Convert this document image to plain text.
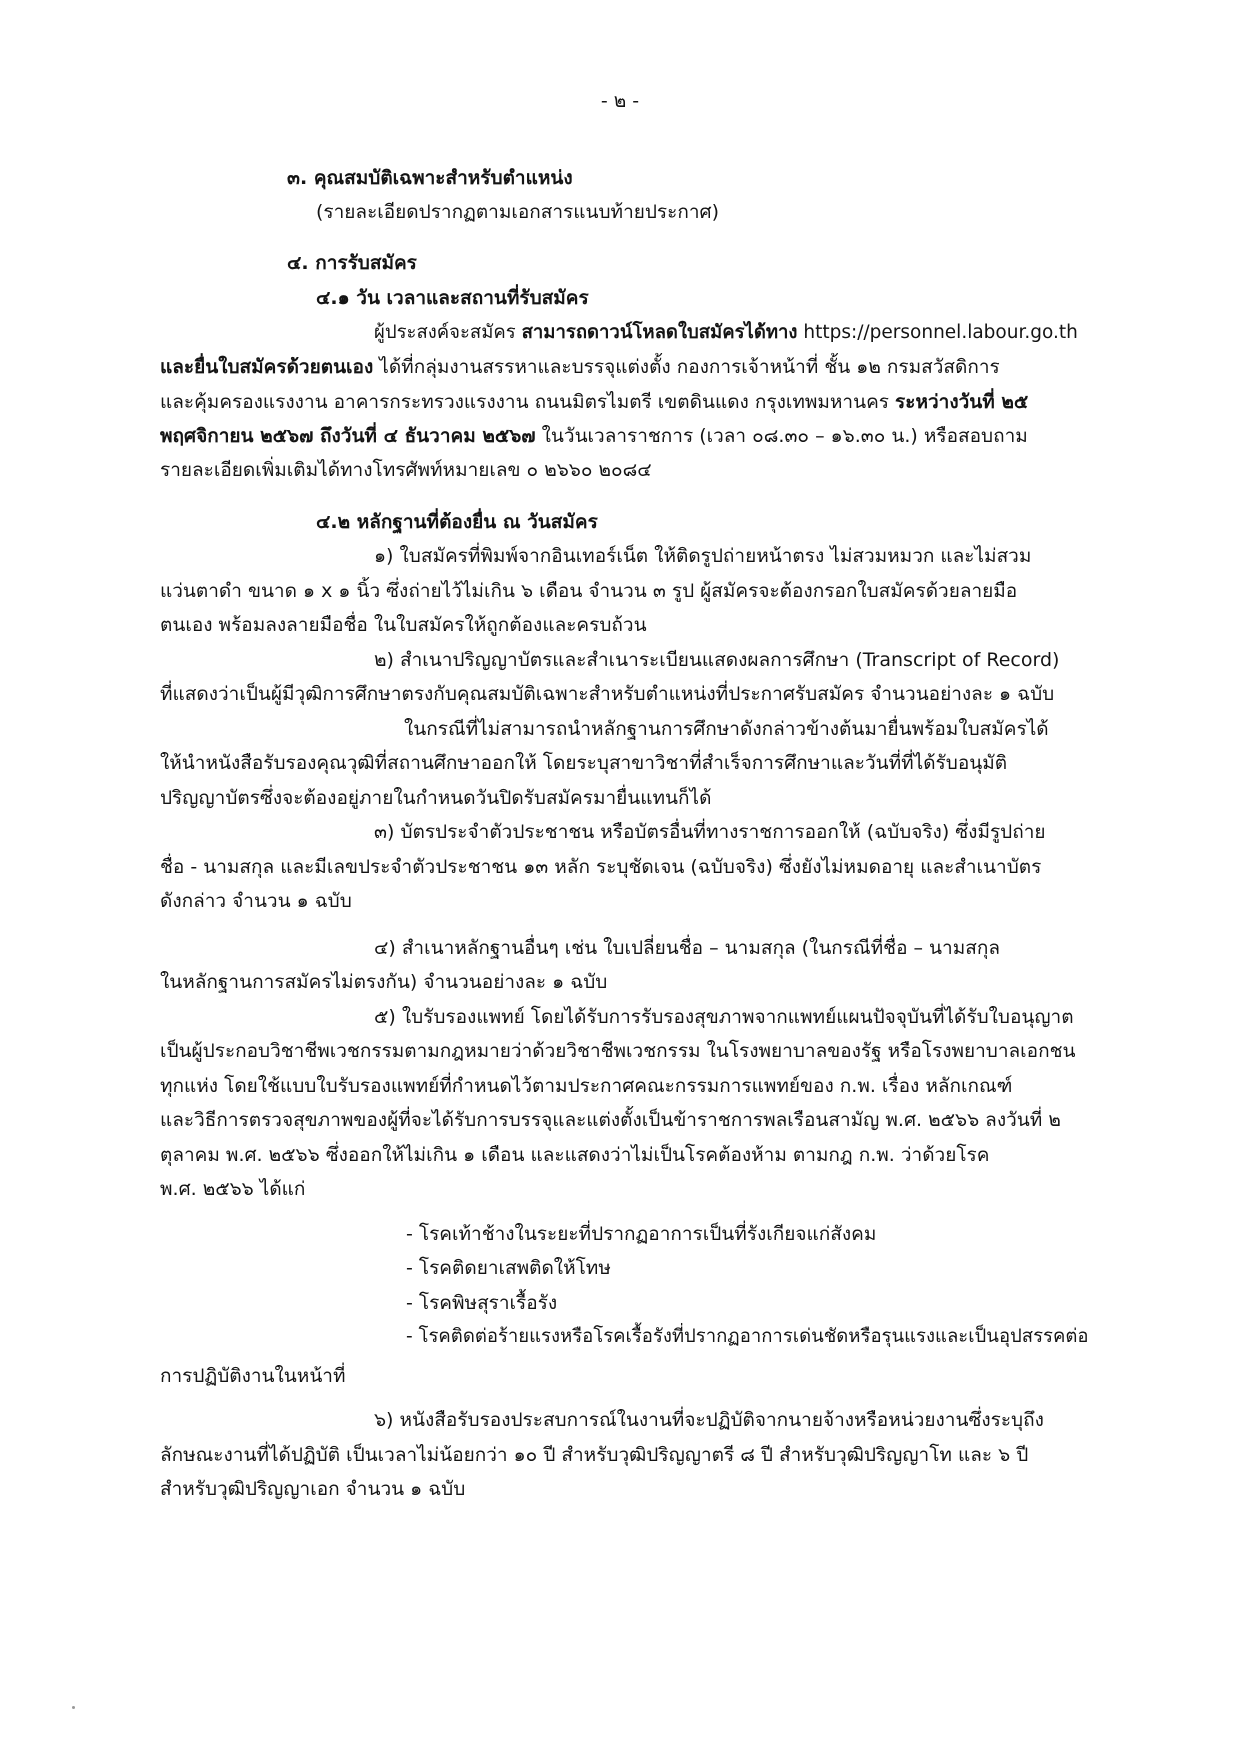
- ๒ -
๓. คุณสมบัติเฉพาะสำหรับตำแหน่ง
(รายละเอียดปรากฏตามเอกสารแนบท้ายประกาศ)
๔. การรับสมัคร
๔.๑ วัน เวลาและสถานที่รับสมัคร
ผู้ประสงค์จะสมัคร สามารถดาวน์โหลดใบสมัครได้ทาง https://personnel.labour.go.th
และยื่นใบสมัครด้วยตนเอง ได้ที่กลุ่มงานสรรหาและบรรจุแต่งตั้ง กองการเจ้าหน้าที่ ชั้น ๑๒ กรมสวัสดิการ
และคุ้มครองแรงงาน อาคารกระทรวงแรงงาน ถนนมิตรไมตรี เขตดินแดง กรุงเทพมหานคร ระหว่างวันที่ ๒๕
พฤศจิกายน ๒๕๖๗ ถึงวันที่ ๔ ธันวาคม ๒๕๖๗ ในวันเวลาราชการ (เวลา ๐๘.๓๐ – ๑๖.๓๐ น.) หรือสอบถาม
รายละเอียดเพิ่มเติมได้ทางโทรศัพท์หมายเลข ๐ ๒๖๖๐ ๒๐๘๔
๔.๒ หลักฐานที่ต้องยื่น ณ วันสมัคร
๑) ใบสมัครที่พิมพ์จากอินเทอร์เน็ต ให้ติดรูปถ่ายหน้าตรง ไม่สวมหมวก และไม่สวม
แว่นตาดำ ขนาด ๑ x ๑ นิ้ว ซึ่งถ่ายไว้ไม่เกิน ๖ เดือน จำนวน ๓ รูป ผู้สมัครจะต้องกรอกใบสมัครด้วยลายมือ
ตนเอง พร้อมลงลายมือชื่อ ในใบสมัครให้ถูกต้องและครบถ้วน
๒) สำเนาปริญญาบัตรและสำเนาระเบียนแสดงผลการศึกษา (Transcript of Record)
ที่แสดงว่าเป็นผู้มีวุฒิการศึกษาตรงกับคุณสมบัติเฉพาะสำหรับตำแหน่งที่ประกาศรับสมัคร จำนวนอย่างละ ๑ ฉบับ
ในกรณีที่ไม่สามารถนำหลักฐานการศึกษาดังกล่าวข้างต้นมายื่นพร้อมใบสมัครได้
ให้นำหนังสือรับรองคุณวุฒิที่สถานศึกษาออกให้ โดยระบุสาขาวิชาที่สำเร็จการศึกษาและวันที่ที่ได้รับอนุมัติ
ปริญญาบัตรซึ่งจะต้องอยู่ภายในกำหนดวันปิดรับสมัครมายื่นแทนก็ได้
๓) บัตรประจำตัวประชาชน หรือบัตรอื่นที่ทางราชการออกให้ (ฉบับจริง) ซึ่งมีรูปถ่าย
ชื่อ - นามสกุล และมีเลขประจำตัวประชาชน ๑๓ หลัก ระบุชัดเจน (ฉบับจริง) ซึ่งยังไม่หมดอายุ และสำเนาบัตร
ดังกล่าว จำนวน ๑ ฉบับ
๔) สำเนาหลักฐานอื่นๆ เช่น ใบเปลี่ยนชื่อ – นามสกุล (ในกรณีที่ชื่อ – นามสกุล
ในหลักฐานการสมัครไม่ตรงกัน) จำนวนอย่างละ ๑ ฉบับ
๕) ใบรับรองแพทย์ โดยได้รับการรับรองสุขภาพจากแพทย์แผนปัจจุบันที่ได้รับใบอนุญาต
เป็นผู้ประกอบวิชาชีพเวชกรรมตามกฎหมายว่าด้วยวิชาชีพเวชกรรม ในโรงพยาบาลของรัฐ หรือโรงพยาบาลเอกชน
ทุกแห่ง โดยใช้แบบใบรับรองแพทย์ที่กำหนดไว้ตามประกาศคณะกรรมการแพทย์ของ ก.พ. เรื่อง หลักเกณฑ์
และวิธีการตรวจสุขภาพของผู้ที่จะได้รับการบรรจุและแต่งตั้งเป็นข้าราชการพลเรือนสามัญ พ.ศ. ๒๕๖๖ ลงวันที่ ๒
ตุลาคม พ.ศ. ๒๕๖๖ ซึ่งออกให้ไม่เกิน ๑ เดือน และแสดงว่าไม่เป็นโรคต้องห้าม ตามกฎ ก.พ. ว่าด้วยโรค
พ.ศ. ๒๕๖๖ ได้แก่
- โรคเท้าช้างในระยะที่ปรากฏอาการเป็นที่รังเกียจแก่สังคม
- โรคติดยาเสพติดให้โทษ
- โรคพิษสุราเรื้อรัง
- โรคติดต่อร้ายแรงหรือโรคเรื้อรังที่ปรากฏอาการเด่นชัดหรือรุนแรงและเป็นอุปสรรคต่อ
การปฏิบัติงานในหน้าที่
๖) หนังสือรับรองประสบการณ์ในงานที่จะปฏิบัติจากนายจ้างหรือหน่วยงานซึ่งระบุถึง
ลักษณะงานที่ได้ปฏิบัติ เป็นเวลาไม่น้อยกว่า ๑๐ ปี สำหรับวุฒิปริญญาตรี ๘ ปี สำหรับวุฒิปริญญาโท และ ๖ ปี
สำหรับวุฒิปริญญาเอก จำนวน ๑ ฉบับ
